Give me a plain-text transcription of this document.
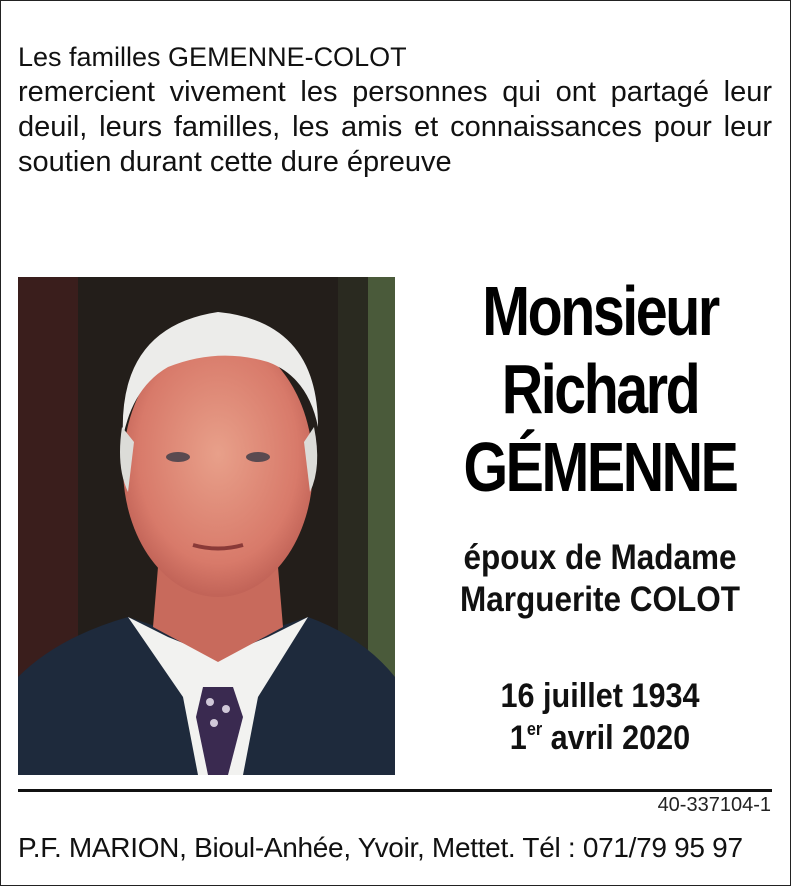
Les familles GEMENNE-COLOT
remercient vivement les personnes qui ont partagé leur deuil, leurs familles, les amis et connaissances pour leur soutien durant cette dure épreuve
Monsieur
Richard
GÉMENNE
époux de Madame
Marguerite COLOT
16 juillet 1934
1er avril 2020
40-337104-1
P.F. MARION, Bioul-Anhée, Yvoir, Mettet. Tél : 071/79 95 97
